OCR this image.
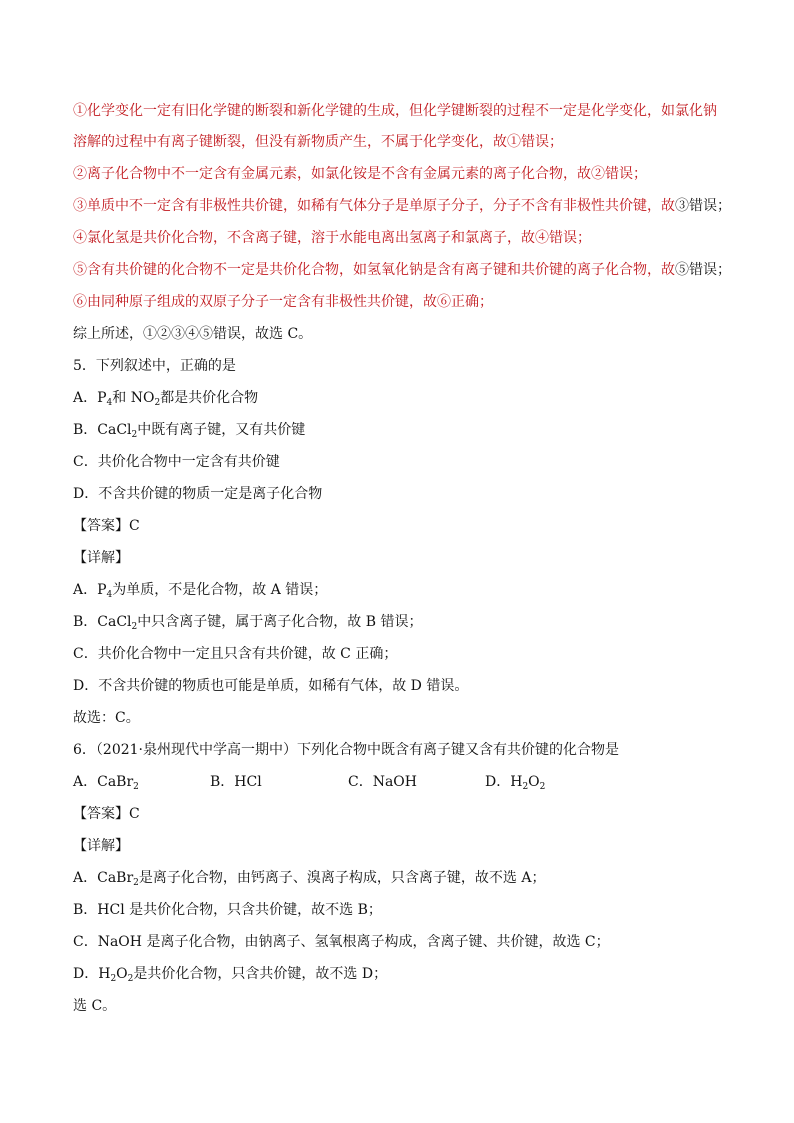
①化学变化一定有旧化学键的断裂和新化学键的生成，但化学键断裂的过程不一定是化学变化，如氯化钠
溶解的过程中有离子键断裂，但没有新物质产生，不属于化学变化，故①错误；
②离子化合物中不一定含有金属元素，如氯化铵是不含有金属元素的离子化合物，故②错误；
③单质中不一定含有非极性共价键，如稀有气体分子是单原子分子，分子不含有非极性共价键，故③错误；
④氯化氢是共价化合物，不含离子键，溶于水能电离出氢离子和氯离子，故④错误；
⑤含有共价键的化合物不一定是共价化合物，如氢氧化钠是含有离子键和共价键的离子化合物，故⑤错误；
⑥由同种原子组成的双原子分子一定含有非极性共价键，故⑥正确；
综上所述，①②③④⑤错误，故选 C。
5．下列叙述中，正确的是
A．$P_4$和 $NO_2$都是共价化合物
B．CaCl$_2$中既有离子键，又有共价键
C．共价化合物中一定含有共价键
D．不含共价键的物质一定是离子化合物
【答案】C
【详解】
A．$P_4$为单质，不是化合物，故 A 错误；
B．CaCl$_2$中只含离子键，属于离子化合物，故 B 错误；
C．共价化合物中一定且只含有共价键，故 C 正确；
D．不含共价键的物质也可能是单质，如稀有气体，故 D 错误。
故选：C。
6．（2021·泉州现代中学高一期中）下列化合物中既含有离子键又含有共价键的化合物是
A．CaBr$_2$	B．HCl	C．NaOH	D．$H_2O_2$
【答案】C
【详解】
A．CaBr$_2$是离子化合物，由钙离子、溴离子构成，只含离子键，故不选 A；
B．HCl 是共价化合物，只含共价键，故不选 B；
C．NaOH 是离子化合物，由钠离子、氢氧根离子构成，含离子键、共价键，故选 C；
D．$H_2O_2$是共价化合物，只含共价键，故不选 D；
选 C。
